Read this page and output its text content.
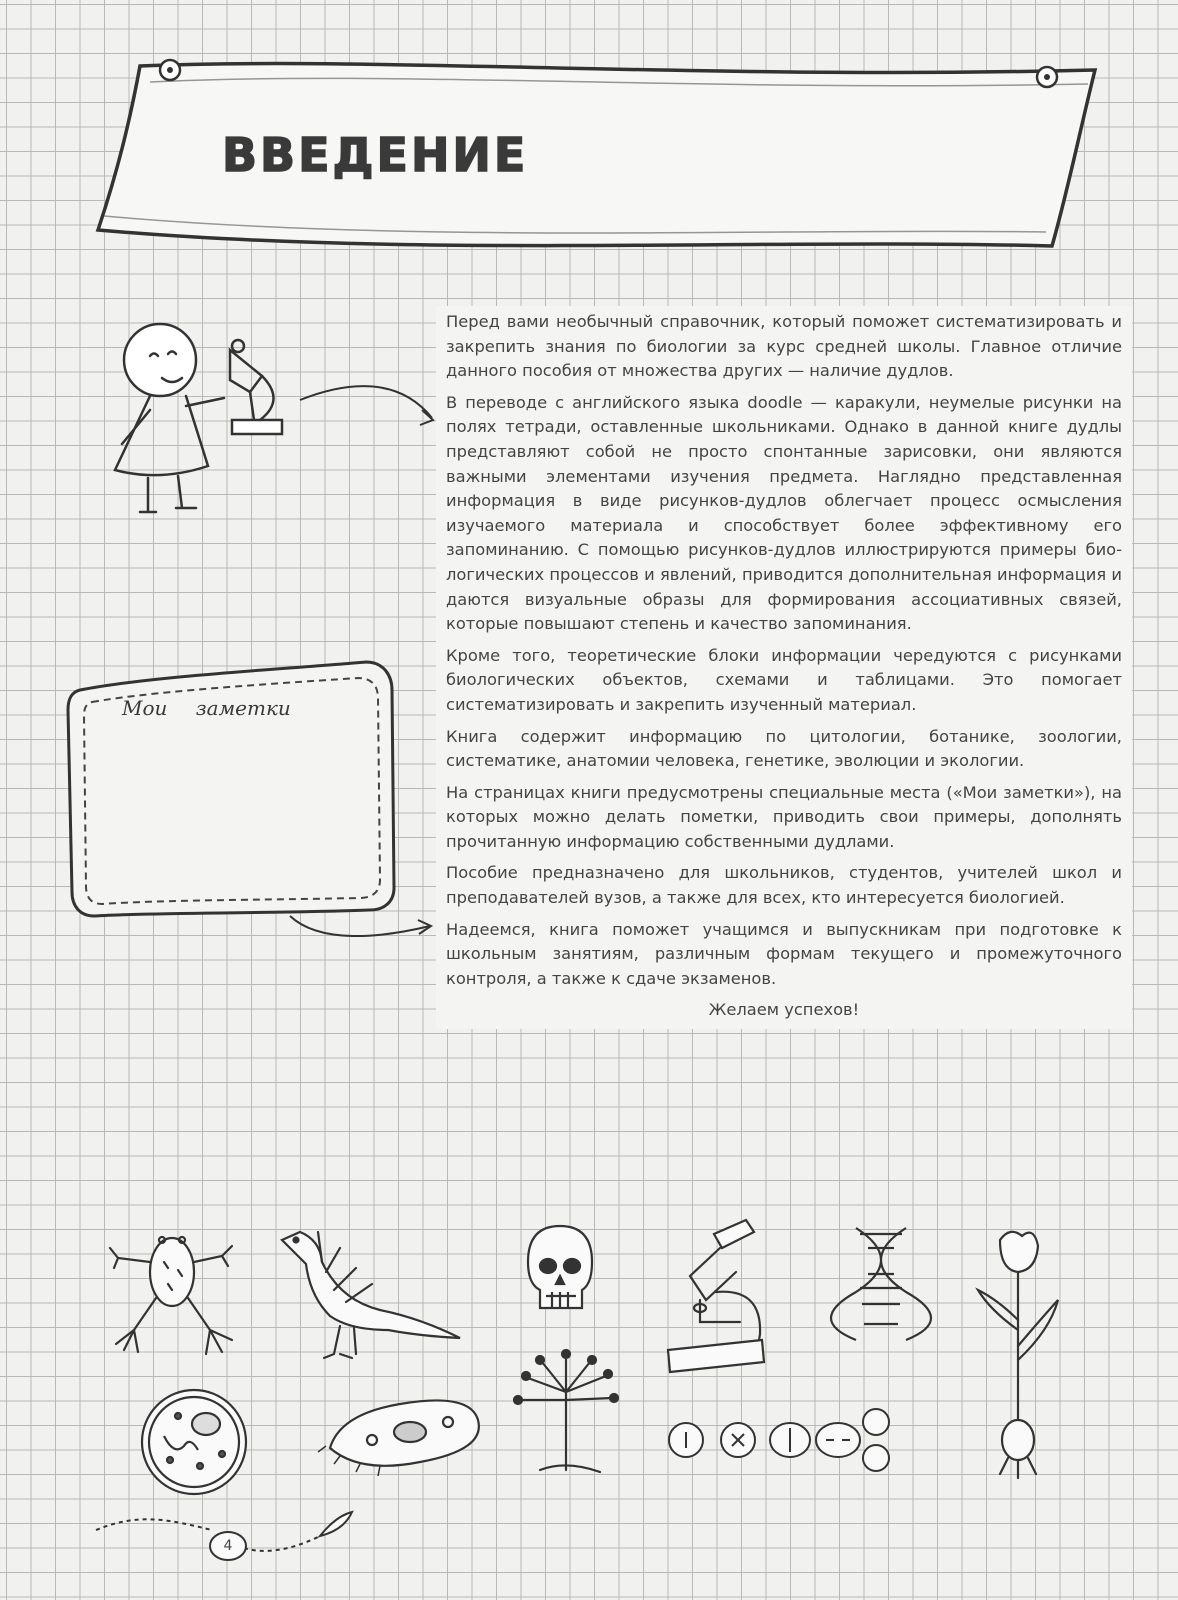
ВВЕДЕНИЕ

Перед вами необычный справочник, который поможет систематизировать и закрепить знания по биологии за курс средней школы. Главное отличие данного пособия от множества других — наличие дудлов.

В переводе с английского языка doodle — каракули, неумелые рисунки на полях тетради, оставленные школьниками. Однако в данной книге дудлы представляют собой не просто спонтанные зарисовки, они являются важными элементами изучения предмета. Наглядно представленная информация в виде рисунков-дудлов облегчает процесс осмысления изучаемого материала и способствует более эффективному его запоминанию. С помощью рисунков-дудлов иллюстрируются примеры биологических процессов и явлений, приводится дополнительная информация и даются визуальные образы для формирования ассоциативных связей, которые повышают степень и качество запоминания.

Кроме того, теоретические блоки информации чередуются с рисунками биологических объектов, схемами и таблицами. Это помогает систематизировать и закрепить изученный материал.

Книга содержит информацию по цитологии, ботанике, зоологии, систематике, анатомии человека, генетике, эволюции и экологии.

На страницах книги предусмотрены специальные места («Мои заметки»), на которых можно делать пометки, приводить свои примеры, дополнять прочитанную информацию собственными дудлами.

Пособие предназначено для школьников, студентов, учителей школ и преподавателей вузов, а также для всех, кто интересуется биологией.

Надеемся, книга поможет учащимся и выпускникам при подготовке к школьным занятиям, различным формам текущего и промежуточного контроля, а также к сдаче экзаменов.

Желаем успехов!

Мои заметки
4
